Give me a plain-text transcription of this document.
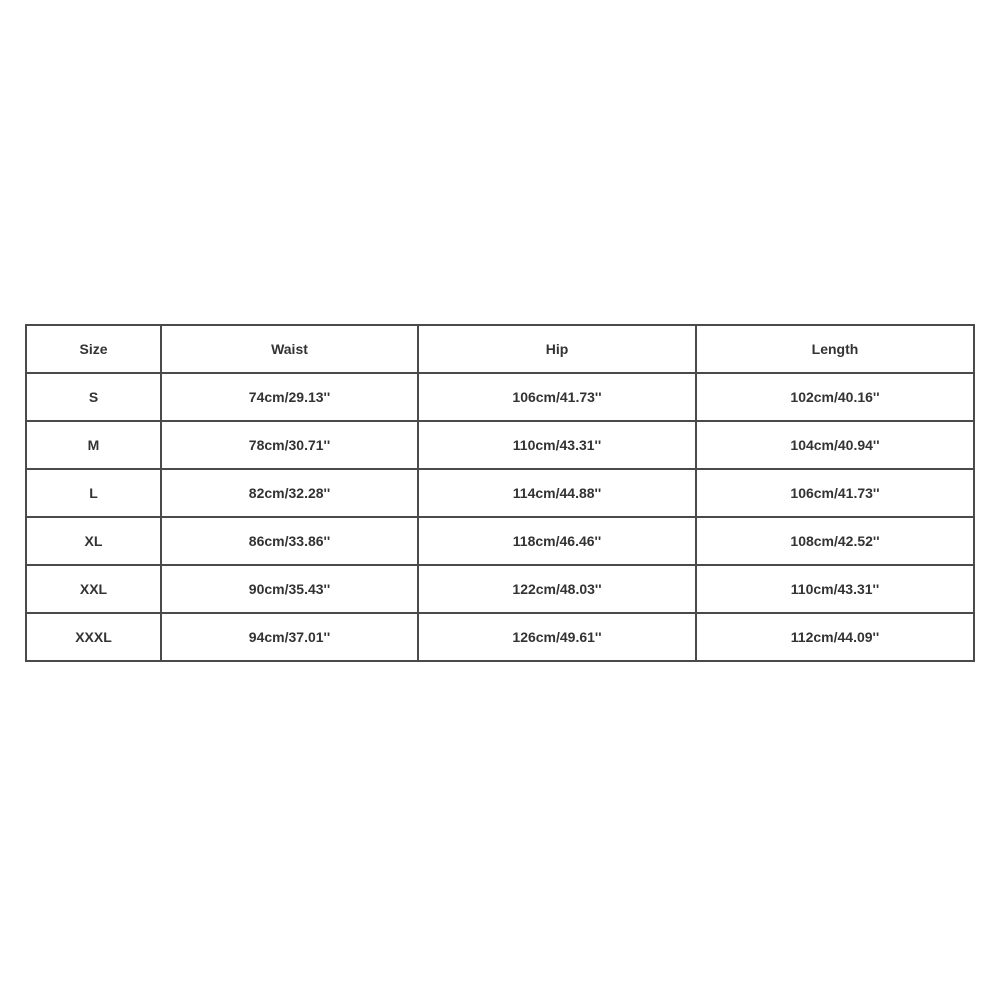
Size	Waist	Hip	Length
S	74cm/29.13''	106cm/41.73''	102cm/40.16''
M	78cm/30.71''	110cm/43.31''	104cm/40.94''
L	82cm/32.28''	114cm/44.88''	106cm/41.73''
XL	86cm/33.86''	118cm/46.46''	108cm/42.52''
XXL	90cm/35.43''	122cm/48.03''	110cm/43.31''
XXXL	94cm/37.01''	126cm/49.61''	112cm/44.09''
